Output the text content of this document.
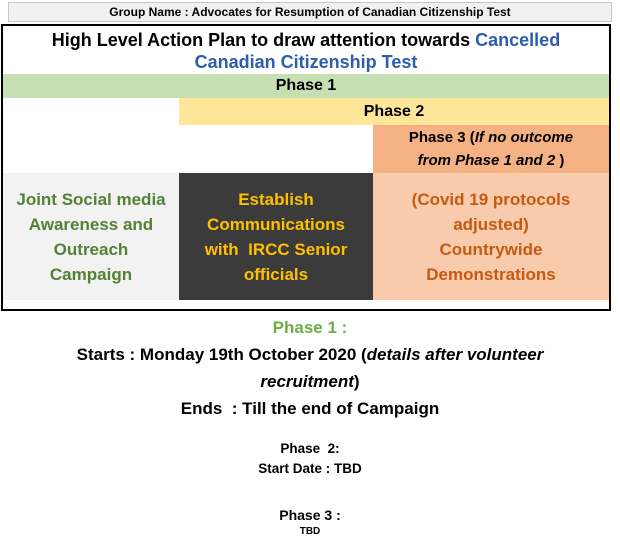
Group Name : Advocates for Resumption of Canadian Citizenship Test
High Level Action Plan to draw attention towards Cancelled
Canadian Citizenship Test
Phase 1
Phase 2
Phase 3 (If no outcome
from Phase 1 and 2 )
Joint Social media
Awareness and
Outreach
Campaign
Establish
Communications
with  IRCC Senior
officials
(Covid 19 protocols
adjusted)
Countrywide
Demonstrations
Phase 1 :
Starts : Monday 19th October 2020 (details after volunteer
recruitment)
Ends  : Till the end of Campaign
Phase  2:
Start Date : TBD
Phase 3 :
TBD
